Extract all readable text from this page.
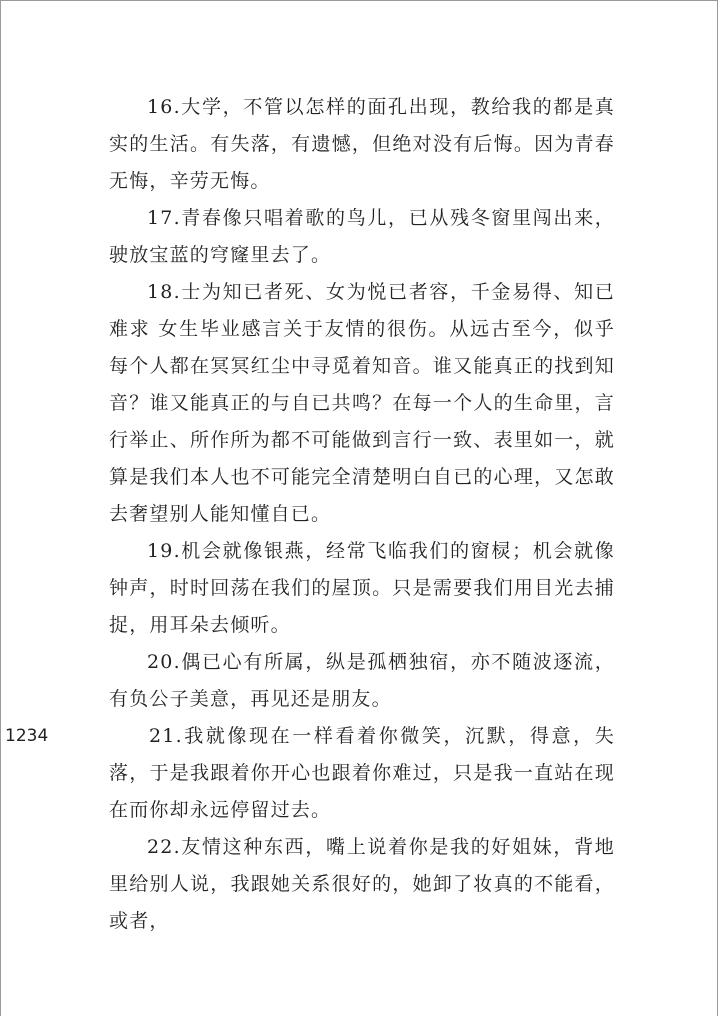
16.大学，不管以怎样的面孔出现，教给我的都是真实的生活。有失落，有遗憾，但绝对没有后悔。因为青春无悔，辛劳无悔。

17.青春像只唱着歌的鸟儿，已从残冬窗里闯出来，驶放宝蓝的穹窿里去了。

18.士为知已者死、女为悦已者容，千金易得、知已难求 女生毕业感言关于友情的很伤。从远古至今，似乎每个人都在冥冥红尘中寻觅着知音。谁又能真正的找到知音？谁又能真正的与自已共鸣？在每一个人的生命里，言行举止、所作所为都不可能做到言行一致、表里如一，就算是我们本人也不可能完全清楚明白自已的心理，又怎敢去奢望别人能知懂自已。

19.机会就像银燕，经常飞临我们的窗棂；机会就像钟声，时时回荡在我们的屋顶。只是需要我们用目光去捕捉，用耳朵去倾听。

20.偶已心有所属，纵是孤栖独宿，亦不随波逐流，有负公子美意，再见还是朋友。

1234	21.我就像现在一样看着你微笑，沉默，得意，失落，于是我跟着你开心也跟着你难过，只是我一直站在现在而你却永远停留过去。

22.友情这种东西，嘴上说着你是我的好姐妹，背地里给别人说，我跟她关系很好的，她卸了妆真的不能看，或者，
